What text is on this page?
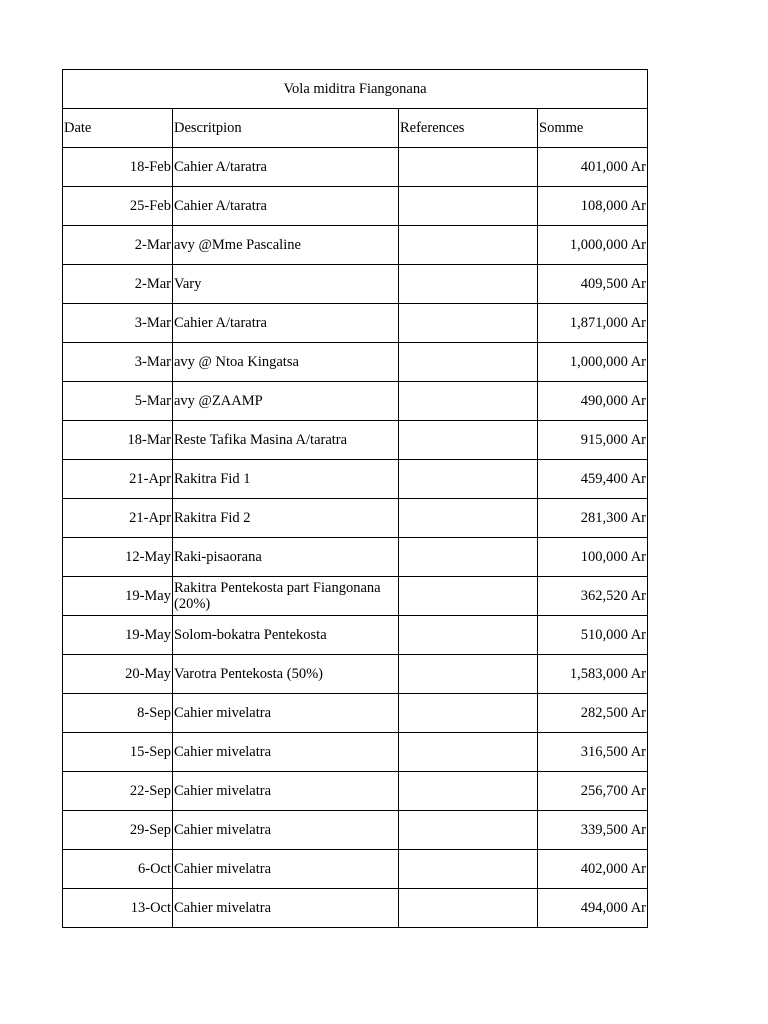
Vola miditra Fiangonana			
Date	Descritpion	References	Somme
18-Feb	Cahier A/taratra		401,000 Ar
25-Feb	Cahier A/taratra		108,000 Ar
2-Mar	avy @Mme Pascaline		1,000,000 Ar
2-Mar	Vary		409,500 Ar
3-Mar	Cahier A/taratra		1,871,000 Ar
3-Mar	avy @ Ntoa Kingatsa		1,000,000 Ar
5-Mar	avy @ZAAMP		490,000 Ar
18-Mar	Reste Tafika Masina A/taratra		915,000 Ar
21-Apr	Rakitra Fid 1		459,400 Ar
21-Apr	Rakitra Fid 2		281,300 Ar
12-May	Raki-pisaorana		100,000 Ar
19-May	Rakitra Pentekosta part Fiangonana (20%)		362,520 Ar
19-May	Solom-bokatra Pentekosta		510,000 Ar
20-May	Varotra Pentekosta (50%)		1,583,000 Ar
8-Sep	Cahier mivelatra		282,500 Ar
15-Sep	Cahier mivelatra		316,500 Ar
22-Sep	Cahier mivelatra		256,700 Ar
29-Sep	Cahier mivelatra		339,500 Ar
6-Oct	Cahier mivelatra		402,000 Ar
13-Oct	Cahier mivelatra		494,000 Ar
